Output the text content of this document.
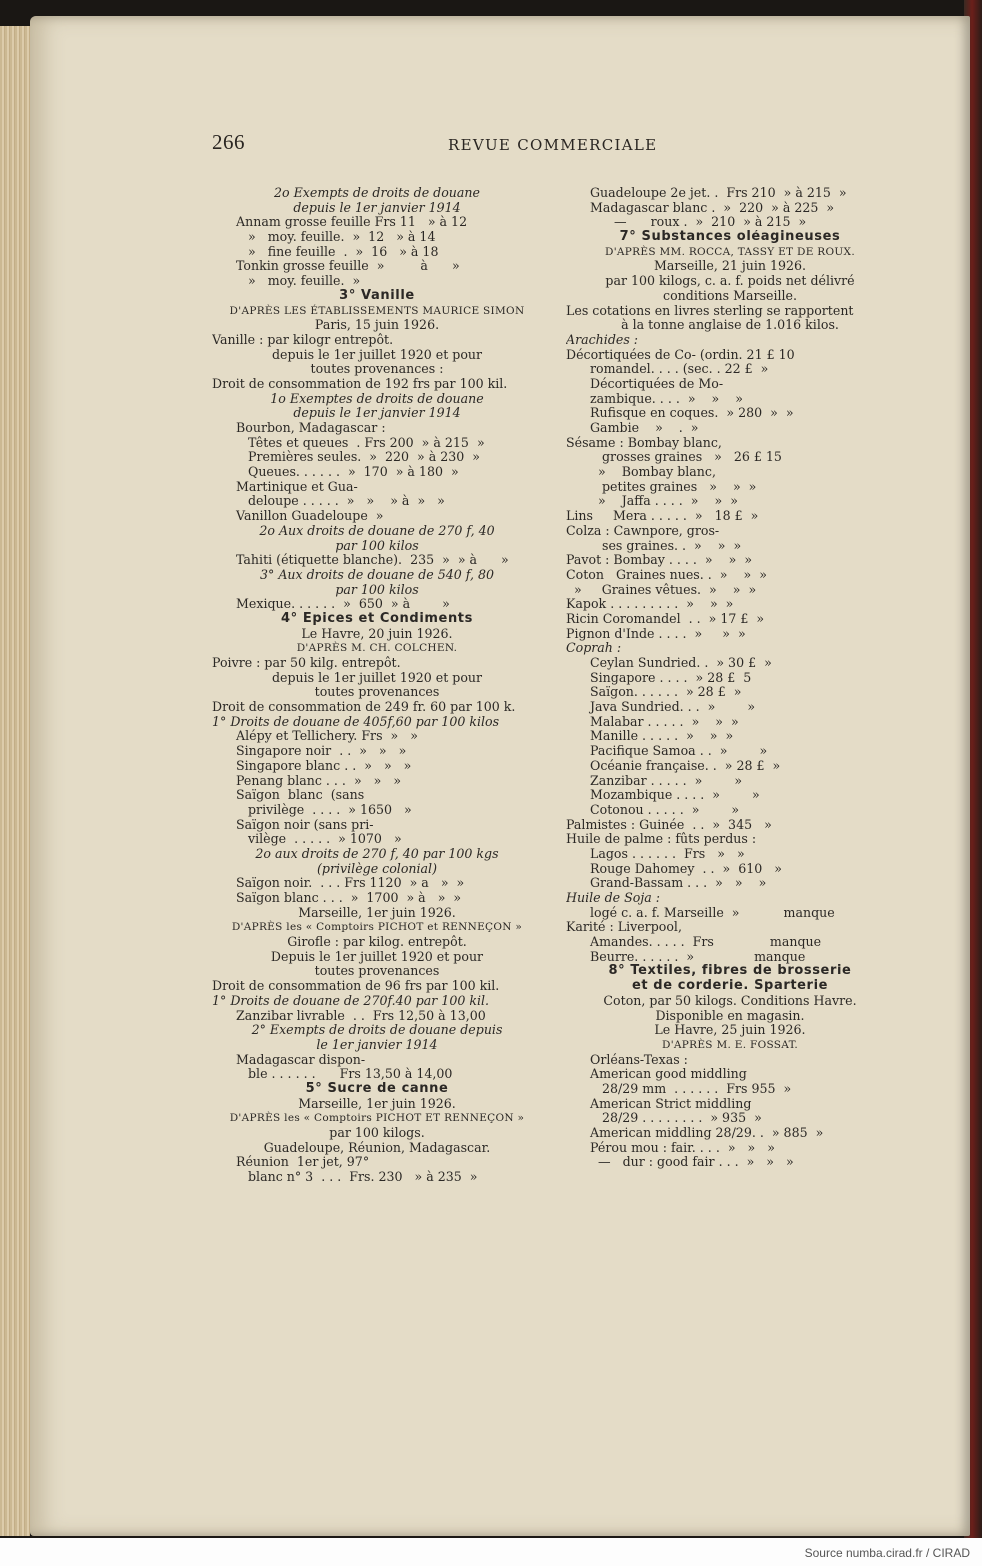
266	REVUE COMMERCIALE
2o Exempts de droits de douane
depuis le 1er janvier 1914
Annam grosse feuille Frs 11   » à 12
»   moy. feuille.  »  12   » à 14
»   fine feuille  .  »  16   » à 18
Tonkin grosse feuille  »         à      »
»   moy. feuille.  »
3° Vanille
D'APRÈS LES ÉTABLISSEMENTS MAURICE SIMON
Paris, 15 juin 1926.
Vanille : par kilogr entrepôt.
depuis le 1er juillet 1920 et pour
toutes provenances :
Droit de consommation de 192 frs par 100 kil.
1o Exemptes de droits de douane
depuis le 1er janvier 1914
Bourbon, Madagascar :
Têtes et queues  . Frs 200  » à 215  »
Premières seules.  »  220  » à 230  »
Queues. . . . . .  »  170  » à 180  »
Martinique et Gua-
deloupe . . . . .  »   »    » à  »   »
Vanillon Guadeloupe  »
2o Aux droits de douane de 270 f, 40
par 100 kilos
Tahiti (étiquette blanche).  235  »  » à      »
3° Aux droits de douane de 540 f, 80
par 100 kilos
Mexique. . . . . .  »  650  » à        »
4° Epices et Condiments
Le Havre, 20 juin 1926.
D'APRÈS M. CH. COLCHEN.
Poivre : par 50 kilg. entrepôt.
depuis le 1er juillet 1920 et pour
toutes provenances
Droit de consommation de 249 fr. 60 par 100 k.
1° Droits de douane de 405f,60 par 100 kilos
Alépy et Tellichery. Frs  »   »
Singapore noir  . .  »   »   »
Singapore blanc . .  »   »   »
Penang blanc . . .  »   »   »
Saïgon  blanc  (sans
privilège  . . . .  » 1650   »
Saïgon noir (sans pri-
vilège  . . . . .  » 1070   »
2o aux droits de 270 f, 40 par 100 kgs
(privilège colonial)
Saïgon noir.  . . . Frs 1120  » a   »  »
Saïgon blanc . . .  »  1700  » à   »  »
Marseille, 1er juin 1926.
D'APRÈS les « Comptoirs PICHOT et RENNEÇON »
Girofle : par kilog. entrepôt.
Depuis le 1er juillet 1920 et pour
toutes provenances
Droit de consommation de 96 frs par 100 kil.
1° Droits de douane de 270f.40 par 100 kil.
Zanzibar livrable  . .  Frs 12,50 à 13,00
2° Exempts de droits de douane depuis
le 1er janvier 1914
Madagascar dispon-
ble . . . . . .      Frs 13,50 à 14,00
5° Sucre de canne
Marseille, 1er juin 1926.
D'APRÈS les « Comptoirs PICHOT ET RENNEÇON »
par 100 kilogs.
Guadeloupe, Réunion, Madagascar.
Réunion  1er jet, 97°
blanc n° 3  . . .  Frs. 230   » à 235  »
Guadeloupe 2e jet. .  Frs 210  » à 215  »
Madagascar blanc .  »  220  » à 225  »
—      roux .  »  210  » à 215  »
7° Substances oléagineuses
D'APRÈS MM. ROCCA, TASSY ET DE ROUX.
Marseille, 21 juin 1926.
par 100 kilogs, c. a. f. poids net délivré
conditions Marseille.
Les cotations en livres sterling se rapportent
à la tonne anglaise de 1.016 kilos.
Arachides :
Décortiquées de Co- (ordin. 21 £ 10
romandel. . . . (sec. . 22 £  »
Décortiquées de Mo-
zambique. . . .  »    »    »
Rufisque en coques.  » 280  »  »
Gambie    »    .  »
Sésame : Bombay blanc,
grosses graines   »   26 £ 15
»    Bombay blanc,
petites graines   »    »  »
»    Jaffa . . . .  »    »  »
Lins     Mera . . . . .  »   18 £  »
Colza : Cawnpore, gros-
ses graines. .  »    »  »
Pavot : Bombay . . . .  »    »  »
Coton   Graines nues. .  »    »  »
»     Graines vêtues.  »    »  »
Kapok . . . . . . . . .  »    »  »
Ricin Coromandel  . .  » 17 £  »
Pignon d'Inde . . . .  »     »  »
Coprah :
Ceylan Sundried. .  » 30 £  »
Singapore . . . .  » 28 £  5
Saïgon. . . . . .  » 28 £  »
Java Sundried. . .  »        »
Malabar . . . . .  »    »  »
Manille . . . . .  »    »  »
Pacifique Samoa . .  »        »
Océanie française. .  » 28 £  »
Zanzibar . . . . .  »        »
Mozambique . . . .  »        »
Cotonou . . . . .  »        »
Palmistes : Guinée  . .  »  345   »
Huile de palme : fûts perdus :
Lagos . . . . . .  Frs   »   »
Rouge Dahomey  . .  »  610   »
Grand-Bassam . . .  »   »    »
Huile de Soja :
logé c. a. f. Marseille  »           manque
Karité : Liverpool,
Amandes. . . . .  Frs              manque
Beurre. . . . . .  »               manque
8° Textiles, fibres de brosserie
et de corderie. Sparterie
Coton, par 50 kilogs. Conditions Havre.
Disponible en magasin.
Le Havre, 25 juin 1926.
D'APRÈS M. E. FOSSAT.
Orléans-Texas :
American good middling
28/29 mm  . . . . . .  Frs 955  »
American Strict middling
28/29 . . . . . . . .  » 935  »
American middling 28/29. .  » 885  »
Pérou mou : fair. . . .  »   »   »
—   dur : good fair . . .  »   »   »
Source numba.cirad.fr / CIRAD
